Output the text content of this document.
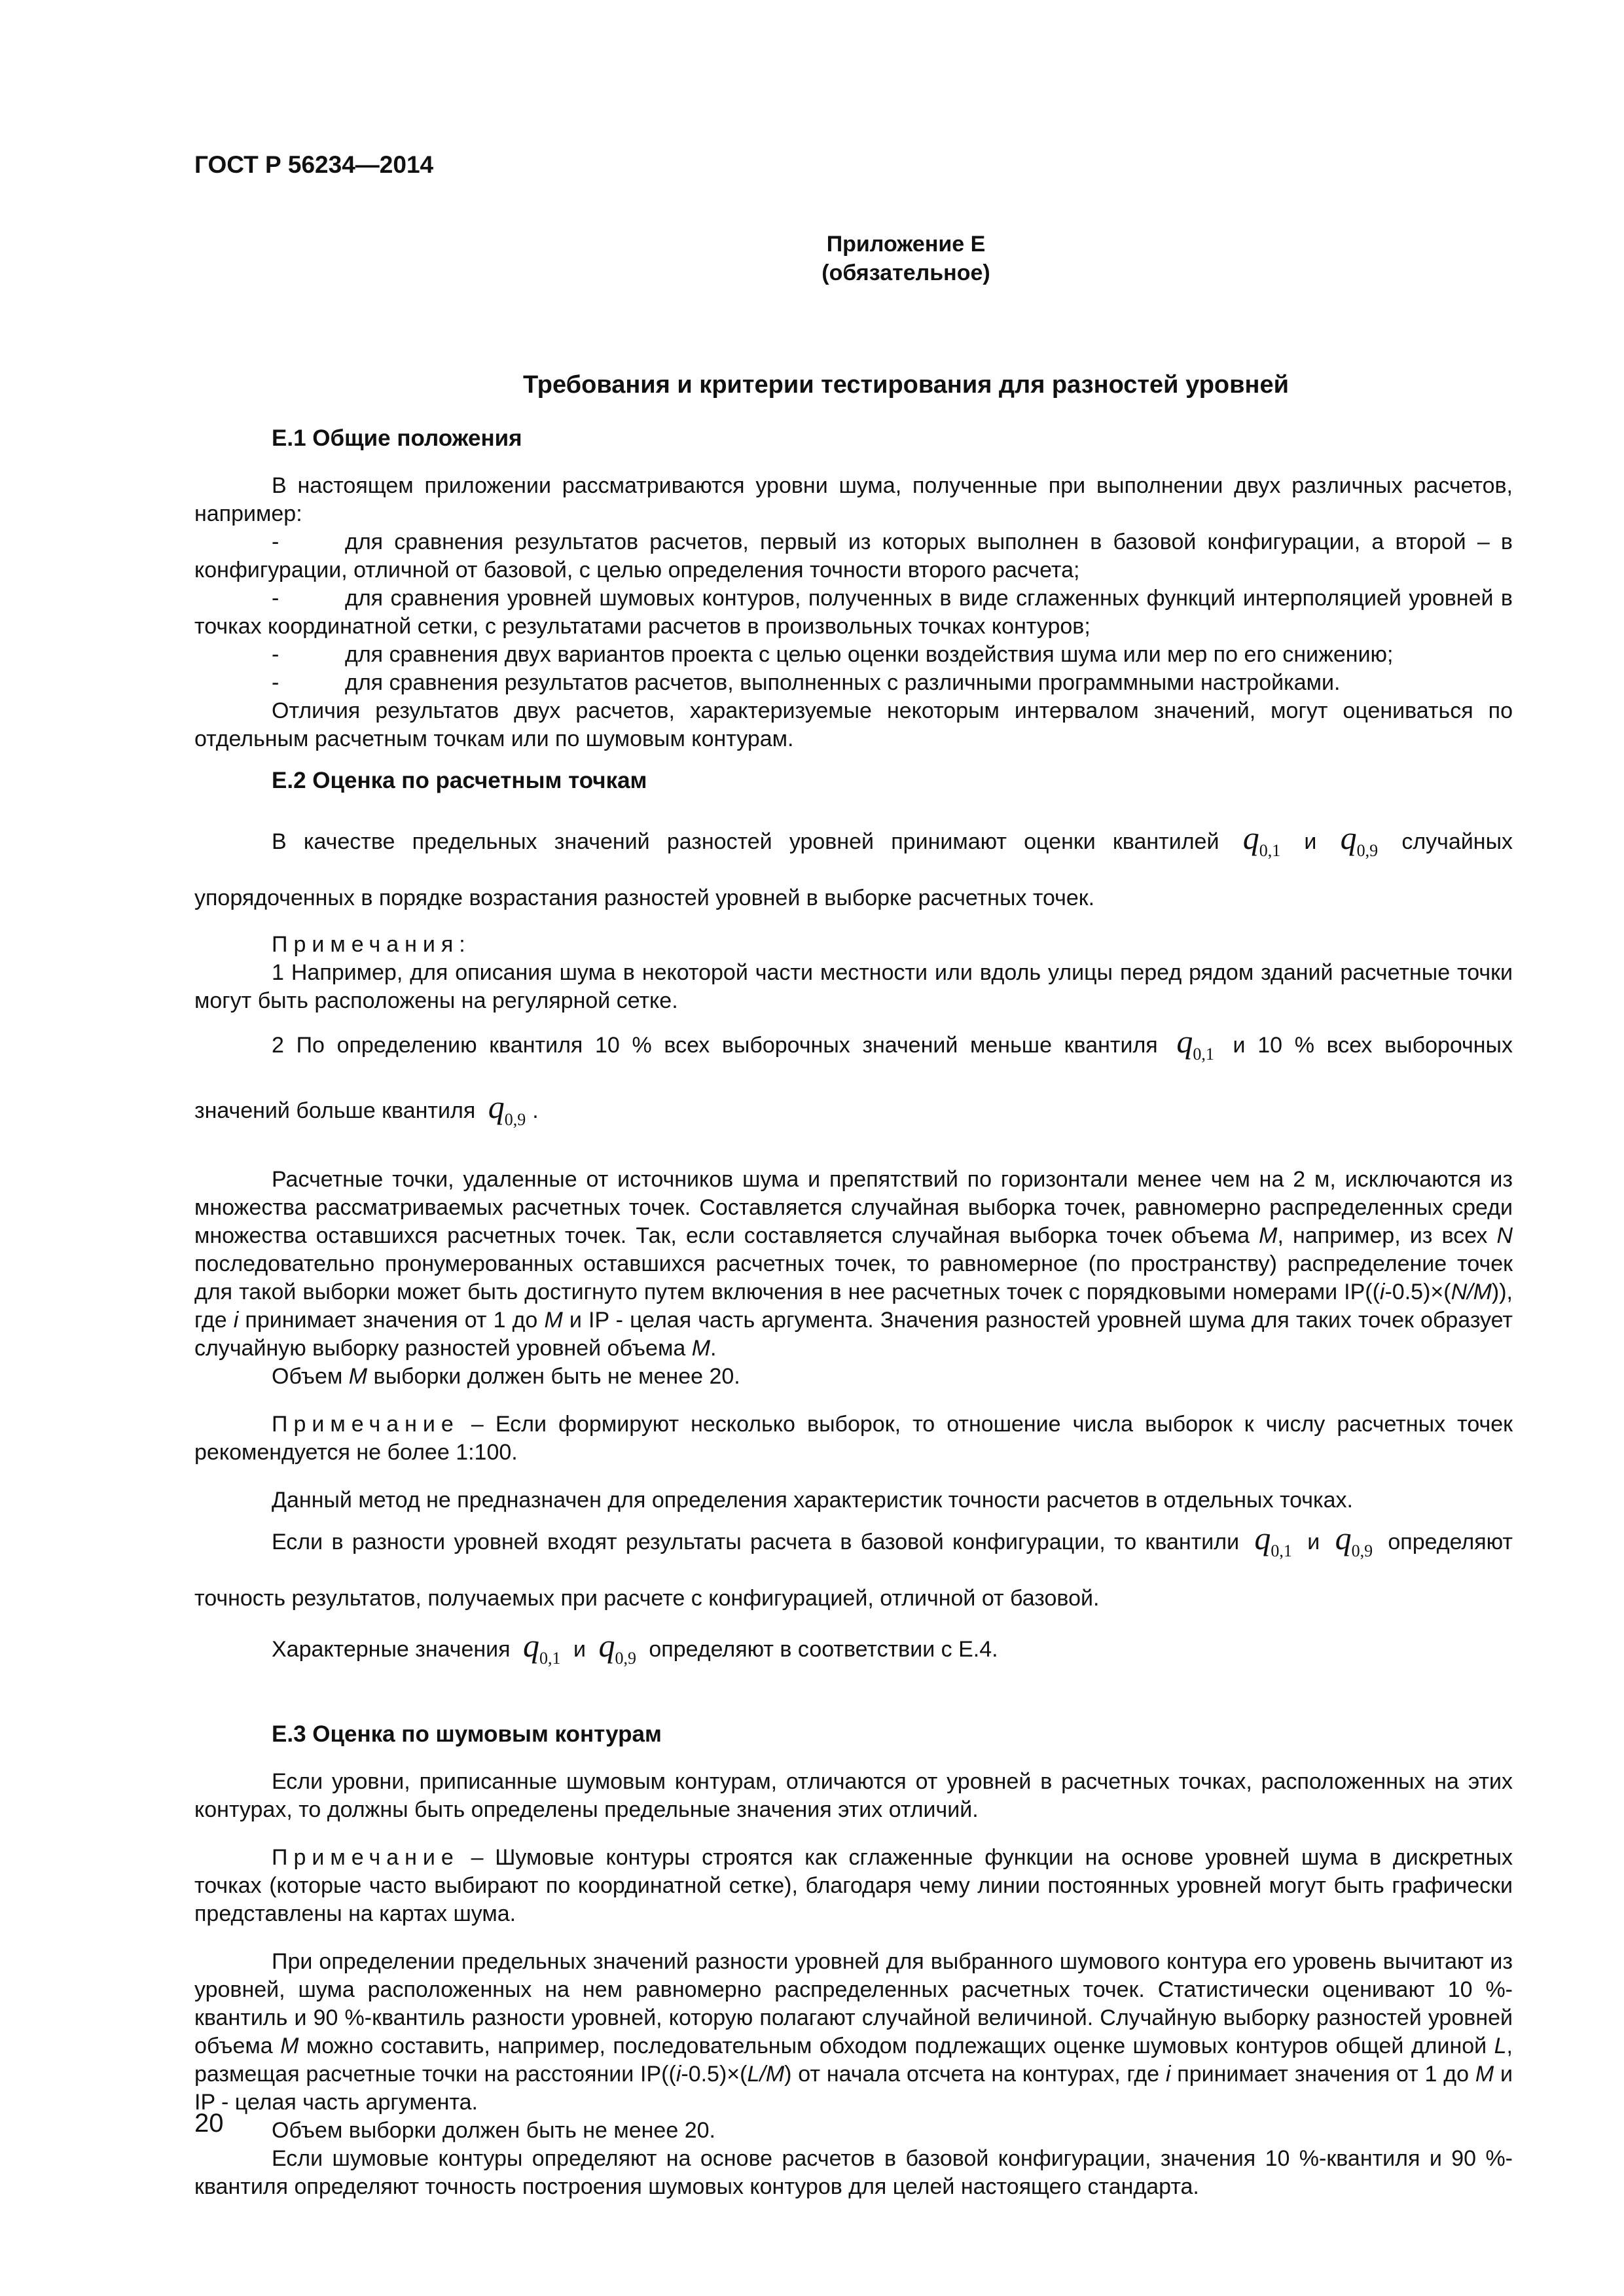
ГОСТ Р 56234—2014
Приложение Е
(обязательное)
Требования и критерии тестирования для разностей уровней
Е.1 Общие положения

В настоящем приложении рассматриваются уровни шума, полученные при выполнении двух различных расчетов, например:

-	для сравнения результатов расчетов, первый из которых выполнен в базовой конфигурации, а второй – в конфигурации, отличной от базовой, с целью определения точности второго расчета;

-	для сравнения уровней шумовых контуров, полученных в виде сглаженных функций интерполяцией уровней в точках координатной сетки, с результатами расчетов в произвольных точках контуров;

-	для сравнения двух вариантов проекта с целью оценки воздействия шума или мер по его снижению;

-	для сравнения результатов расчетов, выполненных с различными программными настройками.

Отличия результатов двух расчетов, характеризуемые некоторым интервалом значений, могут оцениваться по отдельным расчетным точкам или по шумовым контурам.

Е.2 Оценка по расчетным точкам

В качестве предельных значений разностей уровней принимают оценки квантилей $q_{0,1}$ и $q_{0,9}$ случайных упорядоченных в порядке возрастания разностей уровней в выборке расчетных точек.

Примечания:

1 Например, для описания шума в некоторой части местности или вдоль улицы перед рядом зданий расчетные точки могут быть расположены на регулярной сетке.

2 По определению квантиля 10 % всех выборочных значений меньше квантиля $q_{0,1}$ и 10 % всех выборочных значений больше квантиля $q_{0,9}$ .

Расчетные точки, удаленные от источников шума и препятствий по горизонтали менее чем на 2 м, исключаются из множества рассматриваемых расчетных точек. Составляется случайная выборка точек, равномерно распределенных среди множества оставшихся расчетных точек. Так, если составляется случайная выборка точек объема M, например, из всех N последовательно пронумерованных оставшихся расчетных точек, то равномерное (по пространству) распределение точек для такой выборки может быть достигнуто путем включения в нее расчетных точек с порядковыми номерами IP((i-0.5)×(N/M)), где i принимает значения от 1 до M и IP - целая часть аргумента. Значения разностей уровней шума для таких точек образует случайную выборку разностей уровней объема M.

Объем M выборки должен быть не менее 20.

Примечание – Если формируют несколько выборок, то отношение числа выборок к числу расчетных точек рекомендуется не более 1:100.

Данный метод не предназначен для определения характеристик точности расчетов в отдельных точках.

Если в разности уровней входят результаты расчета в базовой конфигурации, то квантили $q_{0,1}$ и $q_{0,9}$ определяют точность результатов, получаемых при расчете с конфигурацией, отличной от базовой.

Характерные значения $q_{0,1}$ и $q_{0,9}$ определяют в соответствии с Е.4.

Е.3 Оценка по шумовым контурам

Если уровни, приписанные шумовым контурам, отличаются от уровней в расчетных точках, расположенных на этих контурах, то должны быть определены предельные значения этих отличий.

Примечание – Шумовые контуры строятся как сглаженные функции на основе уровней шума в дискретных точках (которые часто выбирают по координатной сетке), благодаря чему линии постоянных уровней могут быть графически представлены на картах шума.

При определении предельных значений разности уровней для выбранного шумового контура его уровень вычитают из уровней, шума расположенных на нем равномерно распределенных расчетных точек. Статистически оценивают 10 %-квантиль и 90 %-квантиль разности уровней, которую полагают случайной величиной. Случайную выборку разностей уровней объема M можно составить, например, последовательным обходом подлежащих оценке шумовых контуров общей длиной L, размещая расчетные точки на расстоянии IP((i-0.5)×(L/M) от начала отсчета на контурах, где i принимает значения от 1 до M и IP - целая часть аргумента.

Объем выборки должен быть не менее 20.

Если шумовые контуры определяют на основе расчетов в базовой конфигурации, значения 10 %-квантиля и 90 %-квантиля определяют точность построения шумовых контуров для целей настоящего стандарта.

20
